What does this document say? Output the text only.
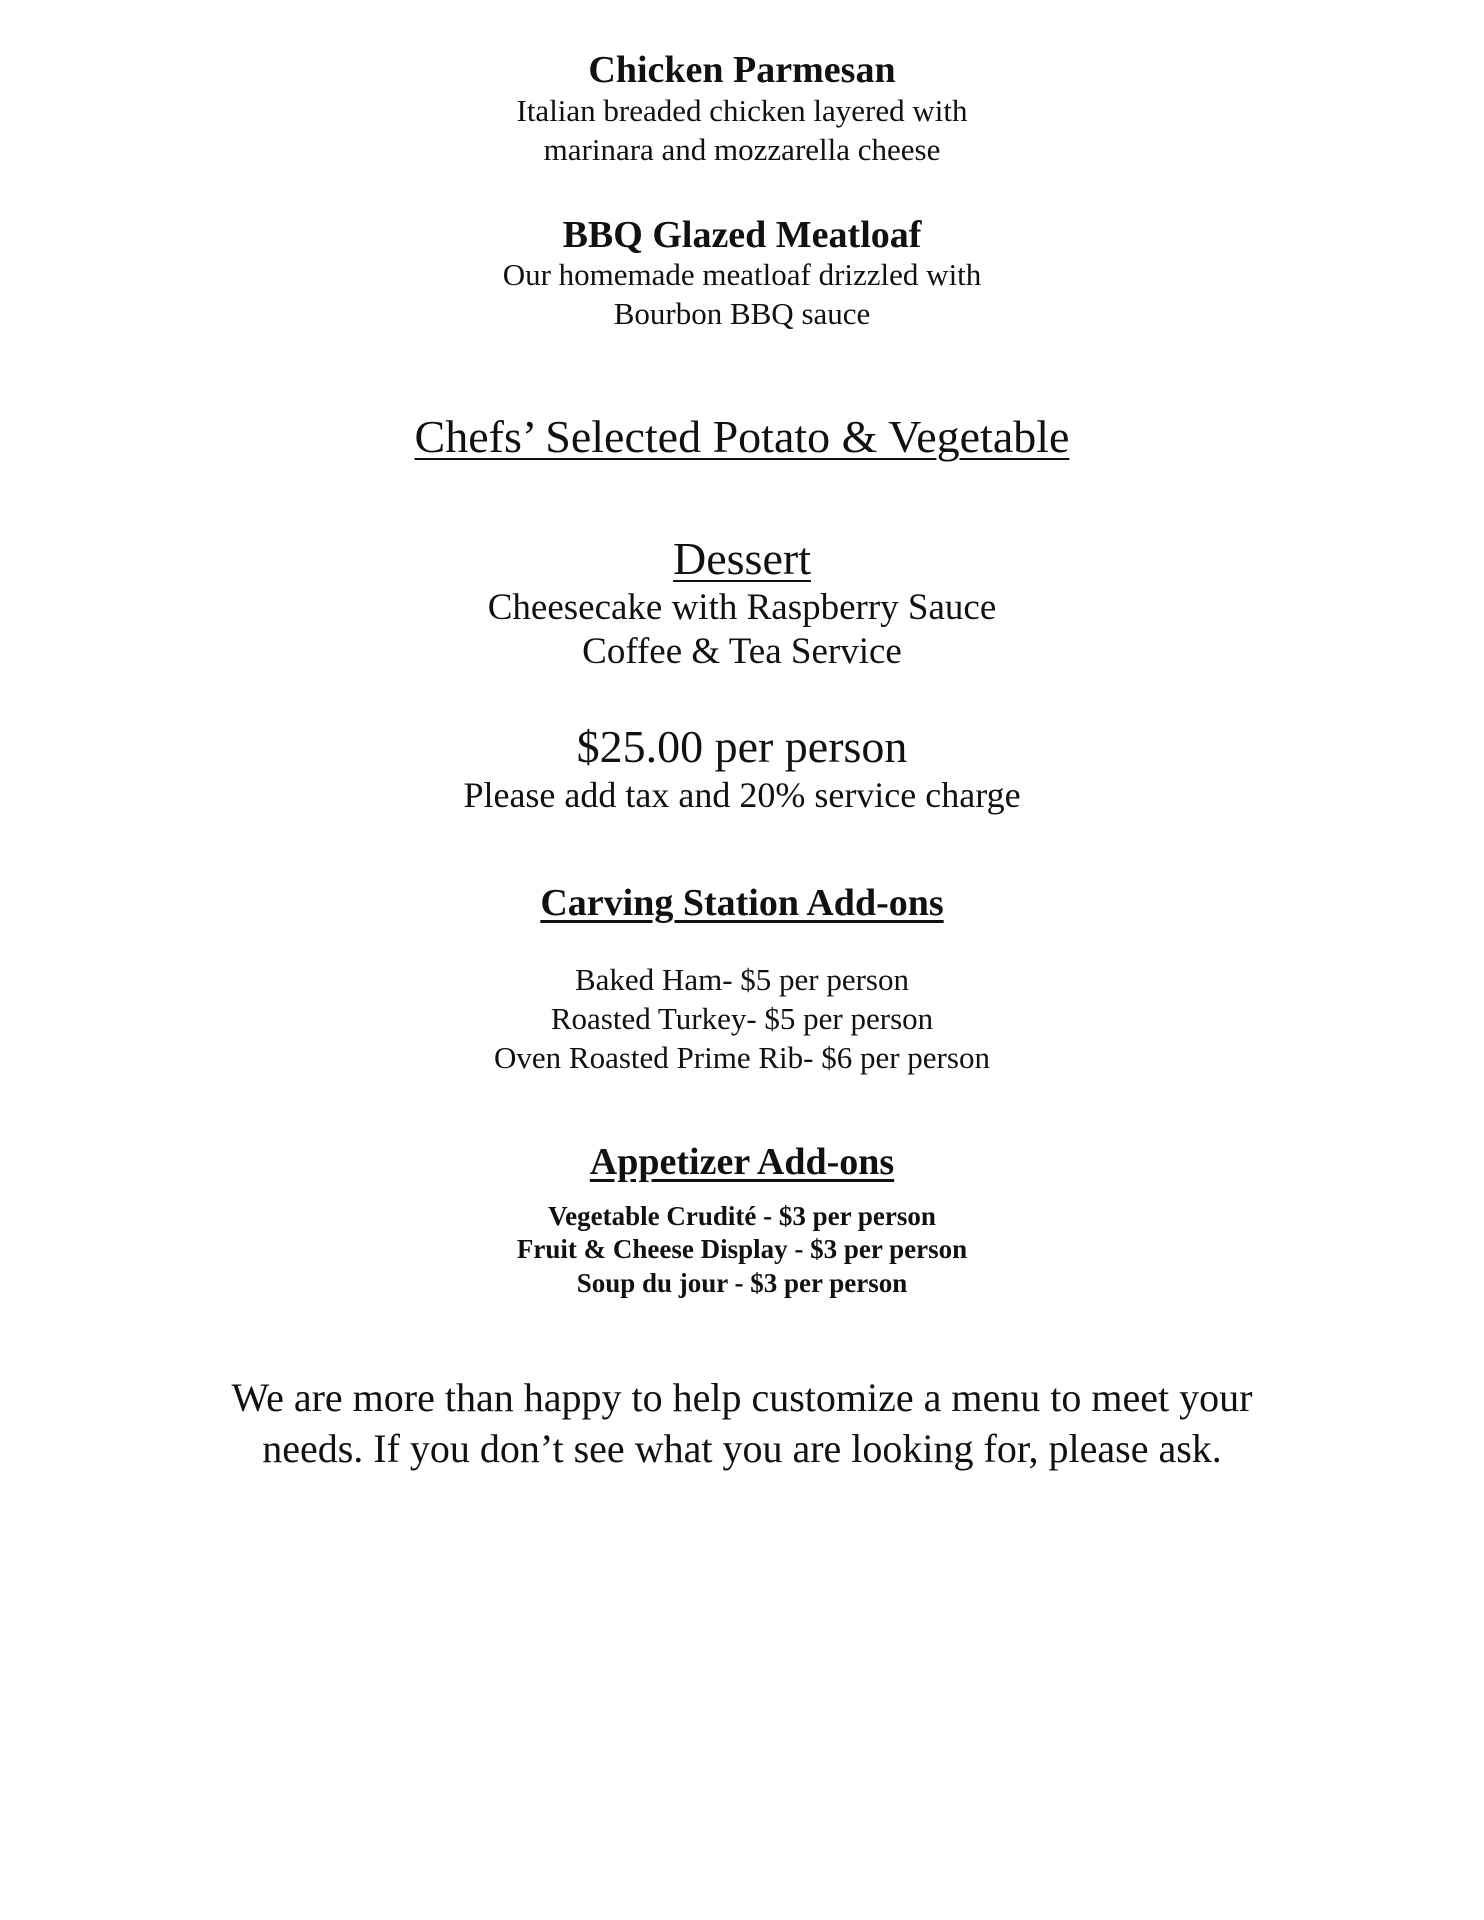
Chicken Parmesan
Italian breaded chicken layered with
marinara and mozzarella cheese
BBQ Glazed Meatloaf
Our homemade meatloaf drizzled with
Bourbon BBQ sauce
Chefs’ Selected Potato & Vegetable
Dessert
Cheesecake with Raspberry Sauce
Coffee & Tea Service
$25.00 per person
Please add tax and 20% service charge
Carving Station Add-ons
Baked Ham- $5 per person
Roasted Turkey- $5 per person
Oven Roasted Prime Rib- $6 per person
Appetizer Add-ons
Vegetable Crudité - $3 per person
Fruit & Cheese Display - $3 per person
Soup du jour - $3 per person
We are more than happy to help customize a menu to meet your
needs. If you don’t see what you are looking for, please ask.
